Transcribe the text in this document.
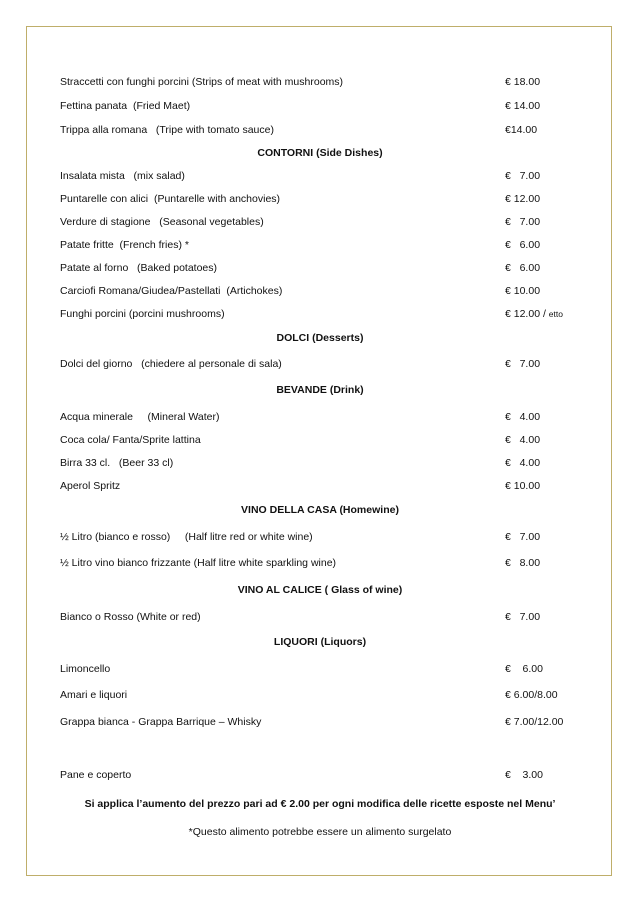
Straccetti con funghi porcini (Strips of meat with mushrooms)	€ 18.00
Fettina panata  (Fried Maet)	€ 14.00
Trippa alla romana   (Tripe with tomato sauce)	€14.00
CONTORNI (Side Dishes)
Insalata mista   (mix salad)	€   7.00
Puntarelle con alici  (Puntarelle with anchovies)	€ 12.00
Verdure di stagione   (Seasonal vegetables)	€   7.00
Patate fritte  (French fries) *	€   6.00
Patate al forno   (Baked potatoes)	€   6.00
Carciofi Romana/Giudea/Pastellati  (Artichokes)	€ 10.00
Funghi porcini (porcini mushrooms)	€ 12.00 / etto
DOLCI (Desserts)
Dolci del giorno   (chiedere al personale di sala)	€   7.00
BEVANDE (Drink)
Acqua minerale     (Mineral Water)	€   4.00
Coca cola/ Fanta/Sprite lattina	€   4.00
Birra 33 cl.   (Beer 33 cl)	€   4.00
Aperol Spritz	€ 10.00
VINO DELLA CASA (Homewine)
½ Litro (bianco e rosso)     (Half litre red or white wine)	€   7.00
½ Litro vino bianco frizzante (Half litre white sparkling wine)	€   8.00
VINO AL CALICE ( Glass of wine)
Bianco o Rosso (White or red)	€   7.00
LIQUORI (Liquors)
Limoncello	€    6.00
Amari e liquori	€ 6.00/8.00
Grappa bianca - Grappa Barrique – Whisky	€ 7.00/12.00
Pane e coperto	€    3.00
Si applica l’aumento del prezzo pari ad € 2.00 per ogni modifica delle ricette esposte nel Menu’
*Questo alimento potrebbe essere un alimento surgelato
